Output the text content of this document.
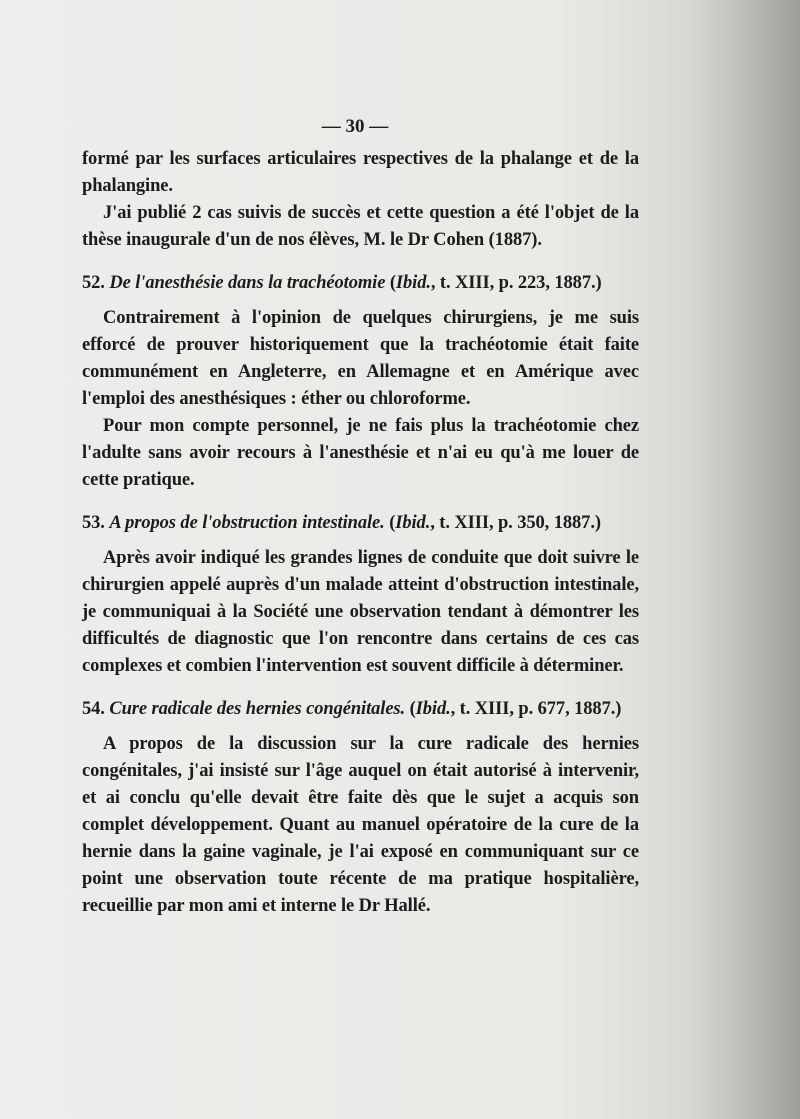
— 30 —

formé par les surfaces articulaires respectives de la phalange et de la phalangine.

J'ai publié 2 cas suivis de succès et cette question a été l'objet de la thèse inaugurale d'un de nos élèves, M. le Dr Cohen (1887).

52. De l'anesthésie dans la trachéotomie (Ibid., t. XIII, p. 223, 1887.)

Contrairement à l'opinion de quelques chirurgiens, je me suis efforcé de prouver historiquement que la trachéotomie était faite communément en Angleterre, en Allemagne et en Amérique avec l'emploi des anesthésiques : éther ou chloroforme.

Pour mon compte personnel, je ne fais plus la trachéotomie chez l'adulte sans avoir recours à l'anesthésie et n'ai eu qu'à me louer de cette pratique.

53. A propos de l'obstruction intestinale. (Ibid., t. XIII, p. 350, 1887.)

Après avoir indiqué les grandes lignes de conduite que doit suivre le chirurgien appelé auprès d'un malade atteint d'obstruction intestinale, je communiquai à la Société une observation tendant à démontrer les difficultés de diagnostic que l'on rencontre dans certains de ces cas complexes et combien l'intervention est souvent difficile à déterminer.

54. Cure radicale des hernies congénitales. (Ibid., t. XIII, p. 677, 1887.)

A propos de la discussion sur la cure radicale des hernies congénitales, j'ai insisté sur l'âge auquel on était autorisé à intervenir, et ai conclu qu'elle devait être faite dès que le sujet a acquis son complet développement. Quant au manuel opératoire de la cure de la hernie dans la gaine vaginale, je l'ai exposé en communiquant sur ce point une observation toute récente de ma pratique hospitalière, recueillie par mon ami et interne le Dr Hallé.
